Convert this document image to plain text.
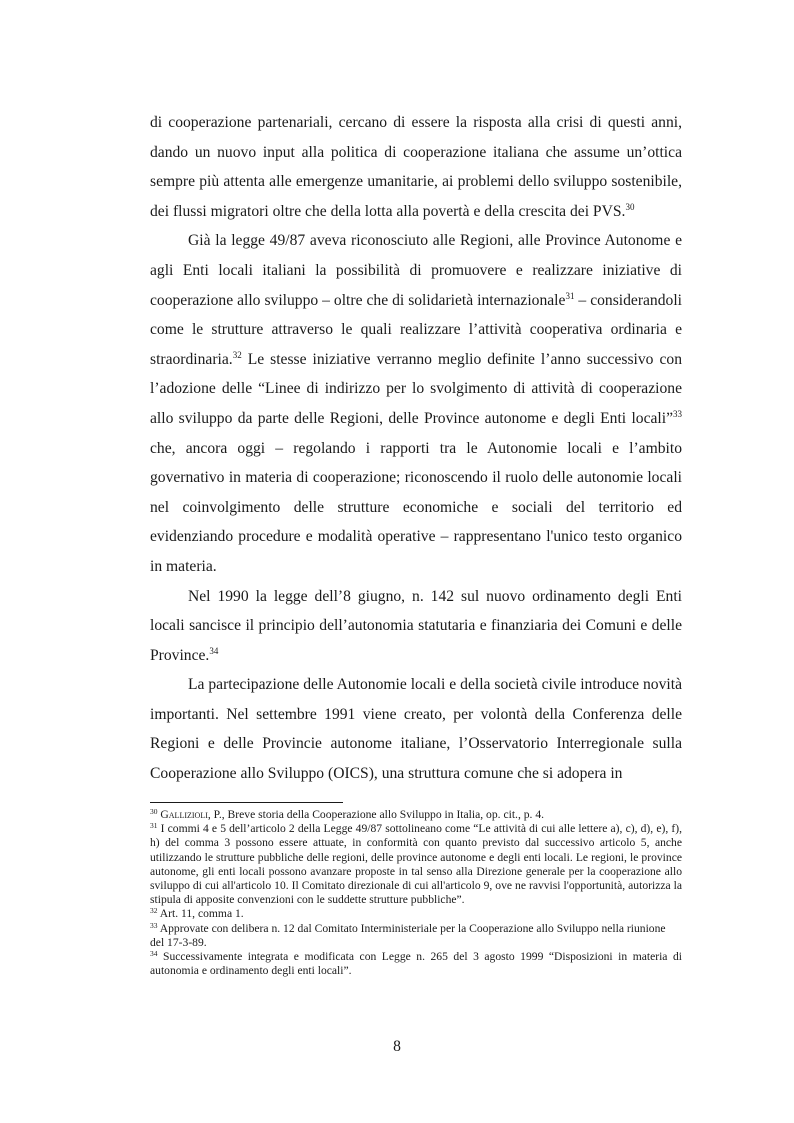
di cooperazione partenariali, cercano di essere la risposta alla crisi di questi anni, dando un nuovo input alla politica di cooperazione italiana che assume un’ottica sempre più attenta alle emergenze umanitarie, ai problemi dello sviluppo sostenibile, dei flussi migratori oltre che della lotta alla povertà e della crescita dei PVS.$^{30}$

Già la legge 49/87 aveva riconosciuto alle Regioni, alle Province Autonome e agli Enti locali italiani la possibilità di promuovere e realizzare iniziative di cooperazione allo sviluppo – oltre che di solidarietà internazionale$^{31}$ – considerandoli come le strutture attraverso le quali realizzare l’attività cooperativa ordinaria e straordinaria.$^{32}$ Le stesse iniziative verranno meglio definite l’anno successivo con l’adozione delle “Linee di indirizzo per lo svolgimento di attività di cooperazione allo sviluppo da parte delle Regioni, delle Province autonome e degli Enti locali”$^{33}$ che, ancora oggi – regolando i rapporti tra le Autonomie locali e l’ambito governativo in materia di cooperazione; riconoscendo il ruolo delle autonomie locali nel coinvolgimento delle strutture economiche e sociali del territorio ed evidenziando procedure e modalità operative – rappresentano l'unico testo organico in materia.

Nel 1990 la legge dell’8 giugno, n. 142 sul nuovo ordinamento degli Enti locali sancisce il principio dell’autonomia statutaria e finanziaria dei Comuni e delle Province.$^{34}$

La partecipazione delle Autonomie locali e della società civile introduce novità importanti. Nel settembre 1991 viene creato, per volontà della Conferenza delle Regioni e delle Provincie autonome italiane, l’Osservatorio Interregionale sulla Cooperazione allo Sviluppo (OICS), una struttura comune che si adopera in

$^{30}$ Gallizioli, P., Breve storia della Cooperazione allo Sviluppo in Italia, op. cit., p. 4.

$^{31}$ I commi 4 e 5 dell’articolo 2 della Legge 49/87 sottolineano come “Le attività di cui alle lettere a), c), d), e), f), h) del comma 3 possono essere attuate, in conformità con quanto previsto dal successivo articolo 5, anche utilizzando le strutture pubbliche delle regioni, delle province autonome e degli enti locali. Le regioni, le province autonome, gli enti locali possono avanzare proposte in tal senso alla Direzione generale per la cooperazione allo sviluppo di cui all'articolo 10. Il Comitato direzionale di cui all'articolo 9, ove ne ravvisi l'opportunità, autorizza la stipula di apposite convenzioni con le suddette strutture pubbliche”.

$^{32}$ Art. 11, comma 1.

$^{33}$ Approvate con delibera n. 12 dal Comitato Interministeriale per la Cooperazione allo Sviluppo nella riunione del 17-3-89.

$^{34}$ Successivamente integrata e modificata con Legge n. 265 del 3 agosto 1999 “Disposizioni in materia di autonomia e ordinamento degli enti locali”.

8
